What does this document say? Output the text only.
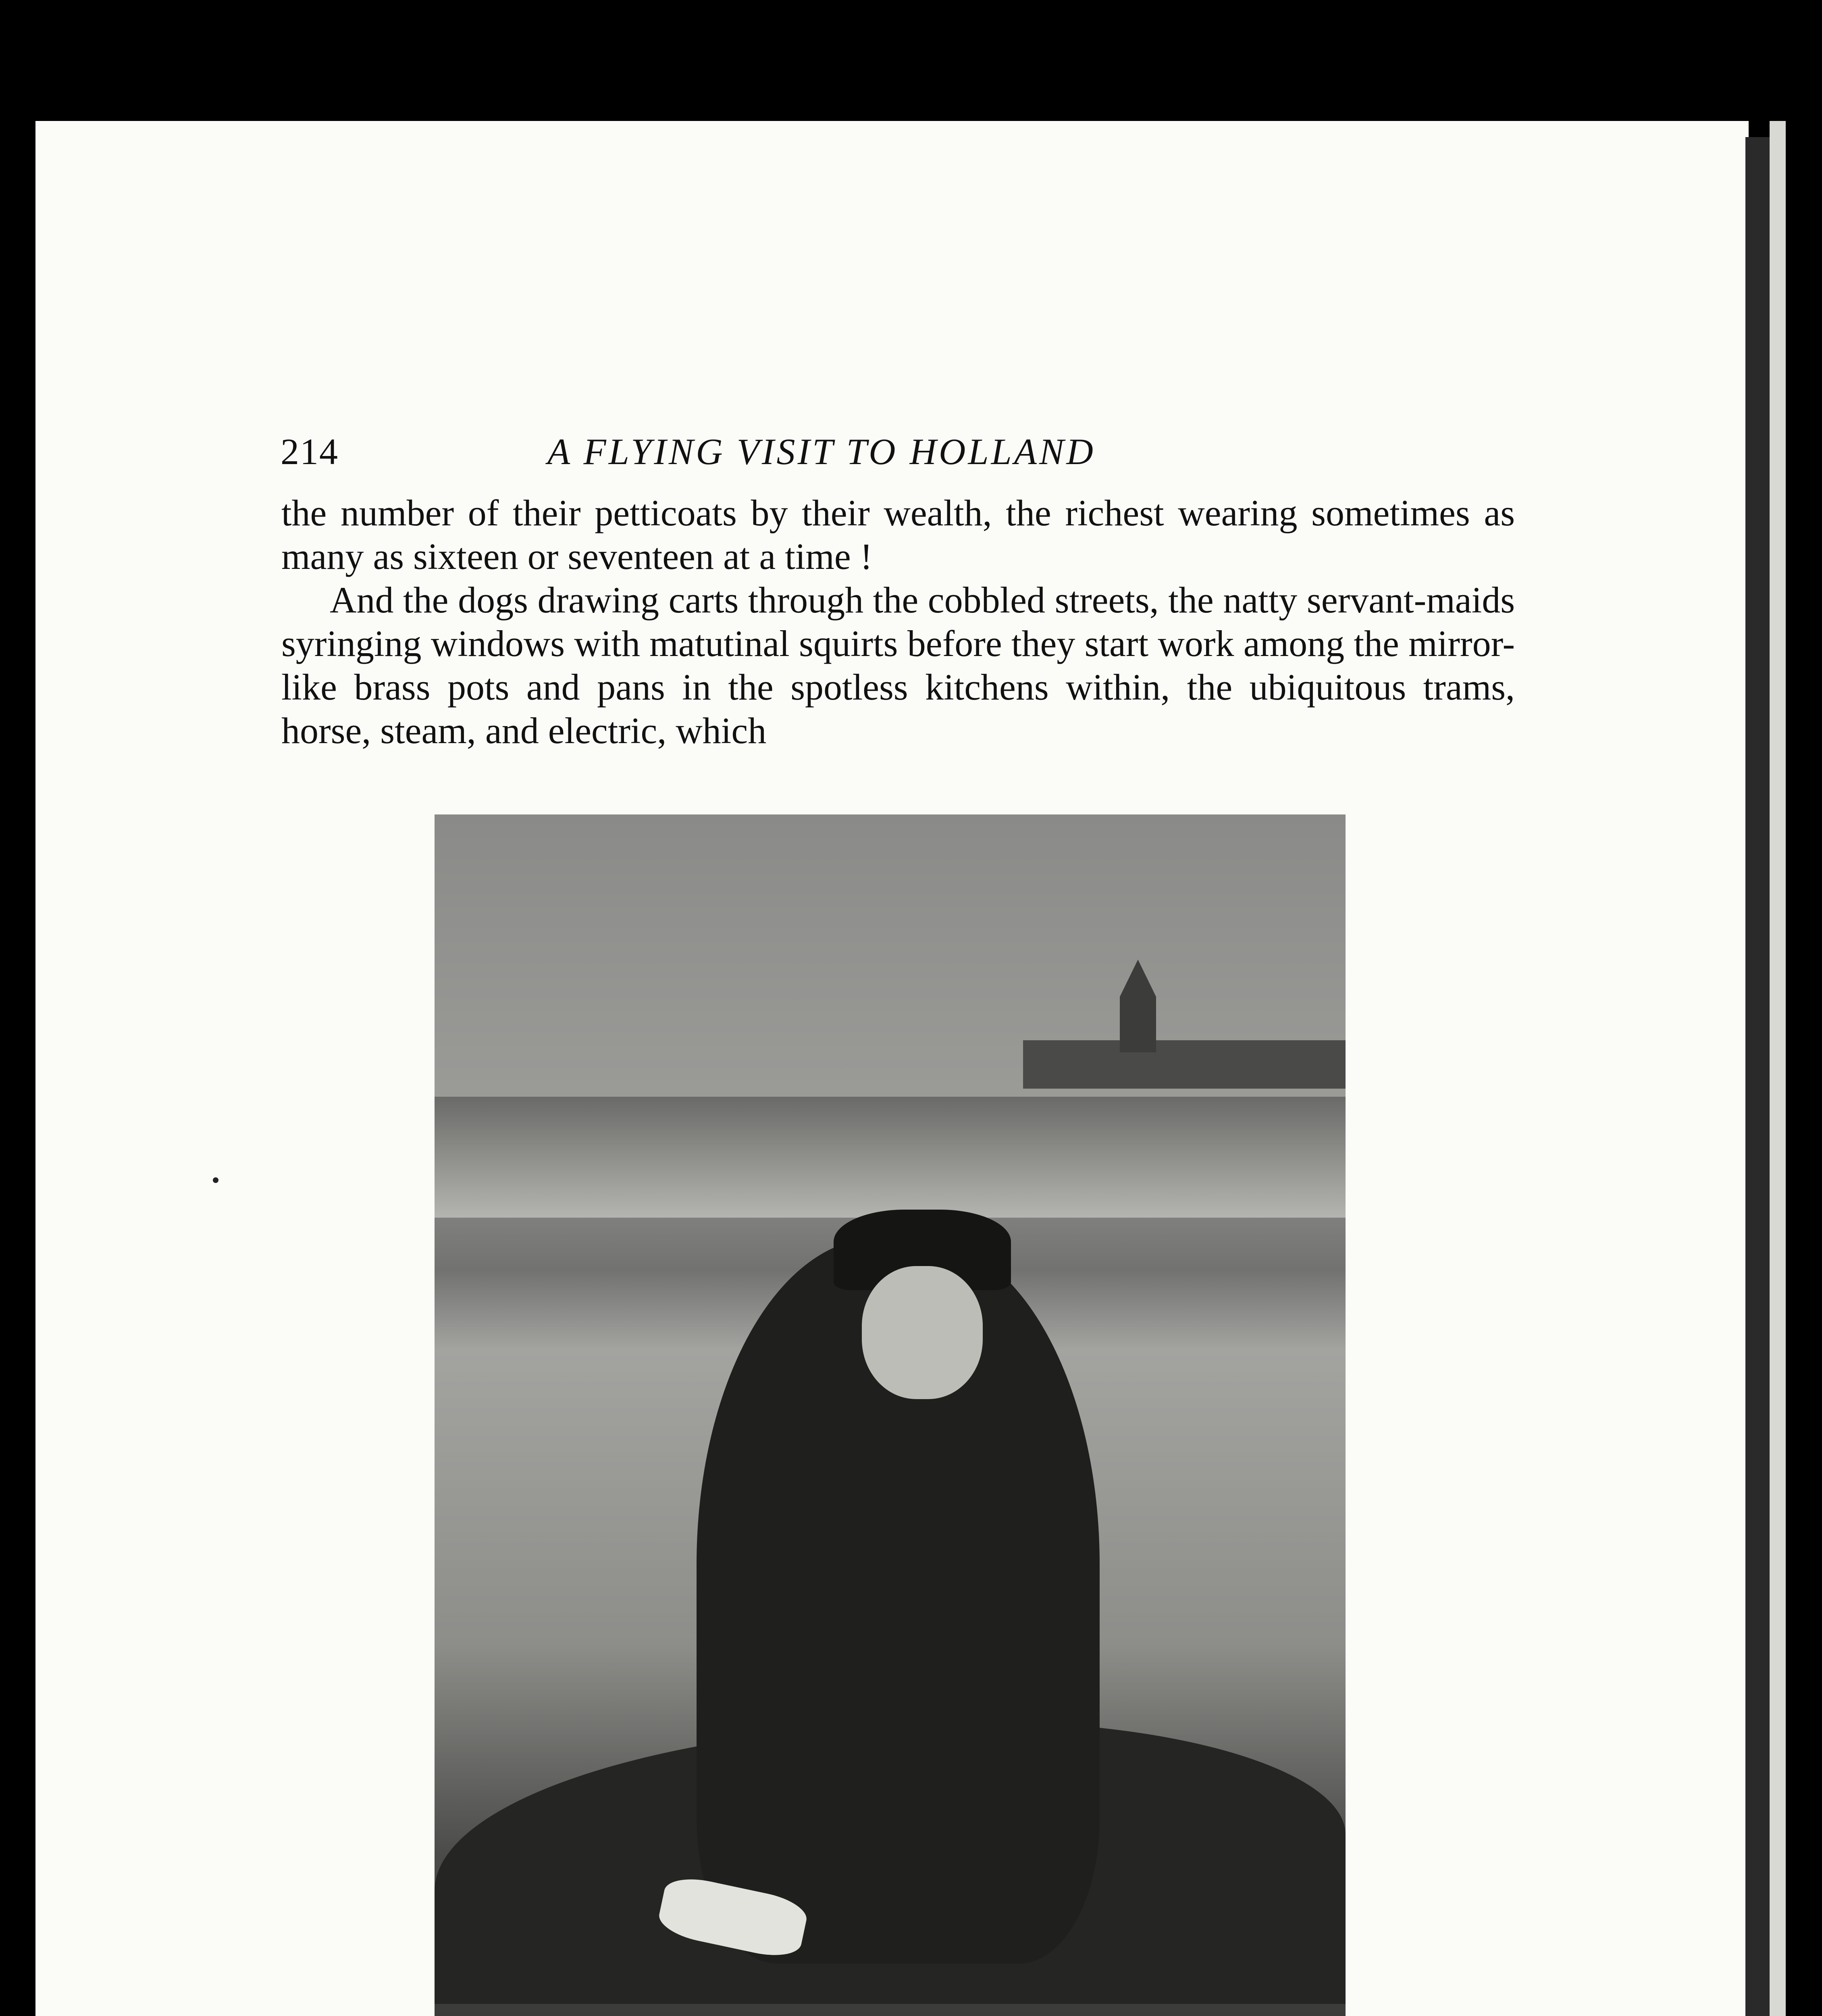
214	A FLYING VISIT TO HOLLAND

the number of their petticoats by their wealth, the richest wearing sometimes as many as sixteen or seventeen at a time !

And the dogs drawing carts through the cobbled streets, the natty servant-maids syringing windows with matutinal squirts before they start work among the mirror-like brass pots and pans in the spotless kitchens within, the ubiquitous trams, horse, steam, and electric, which
